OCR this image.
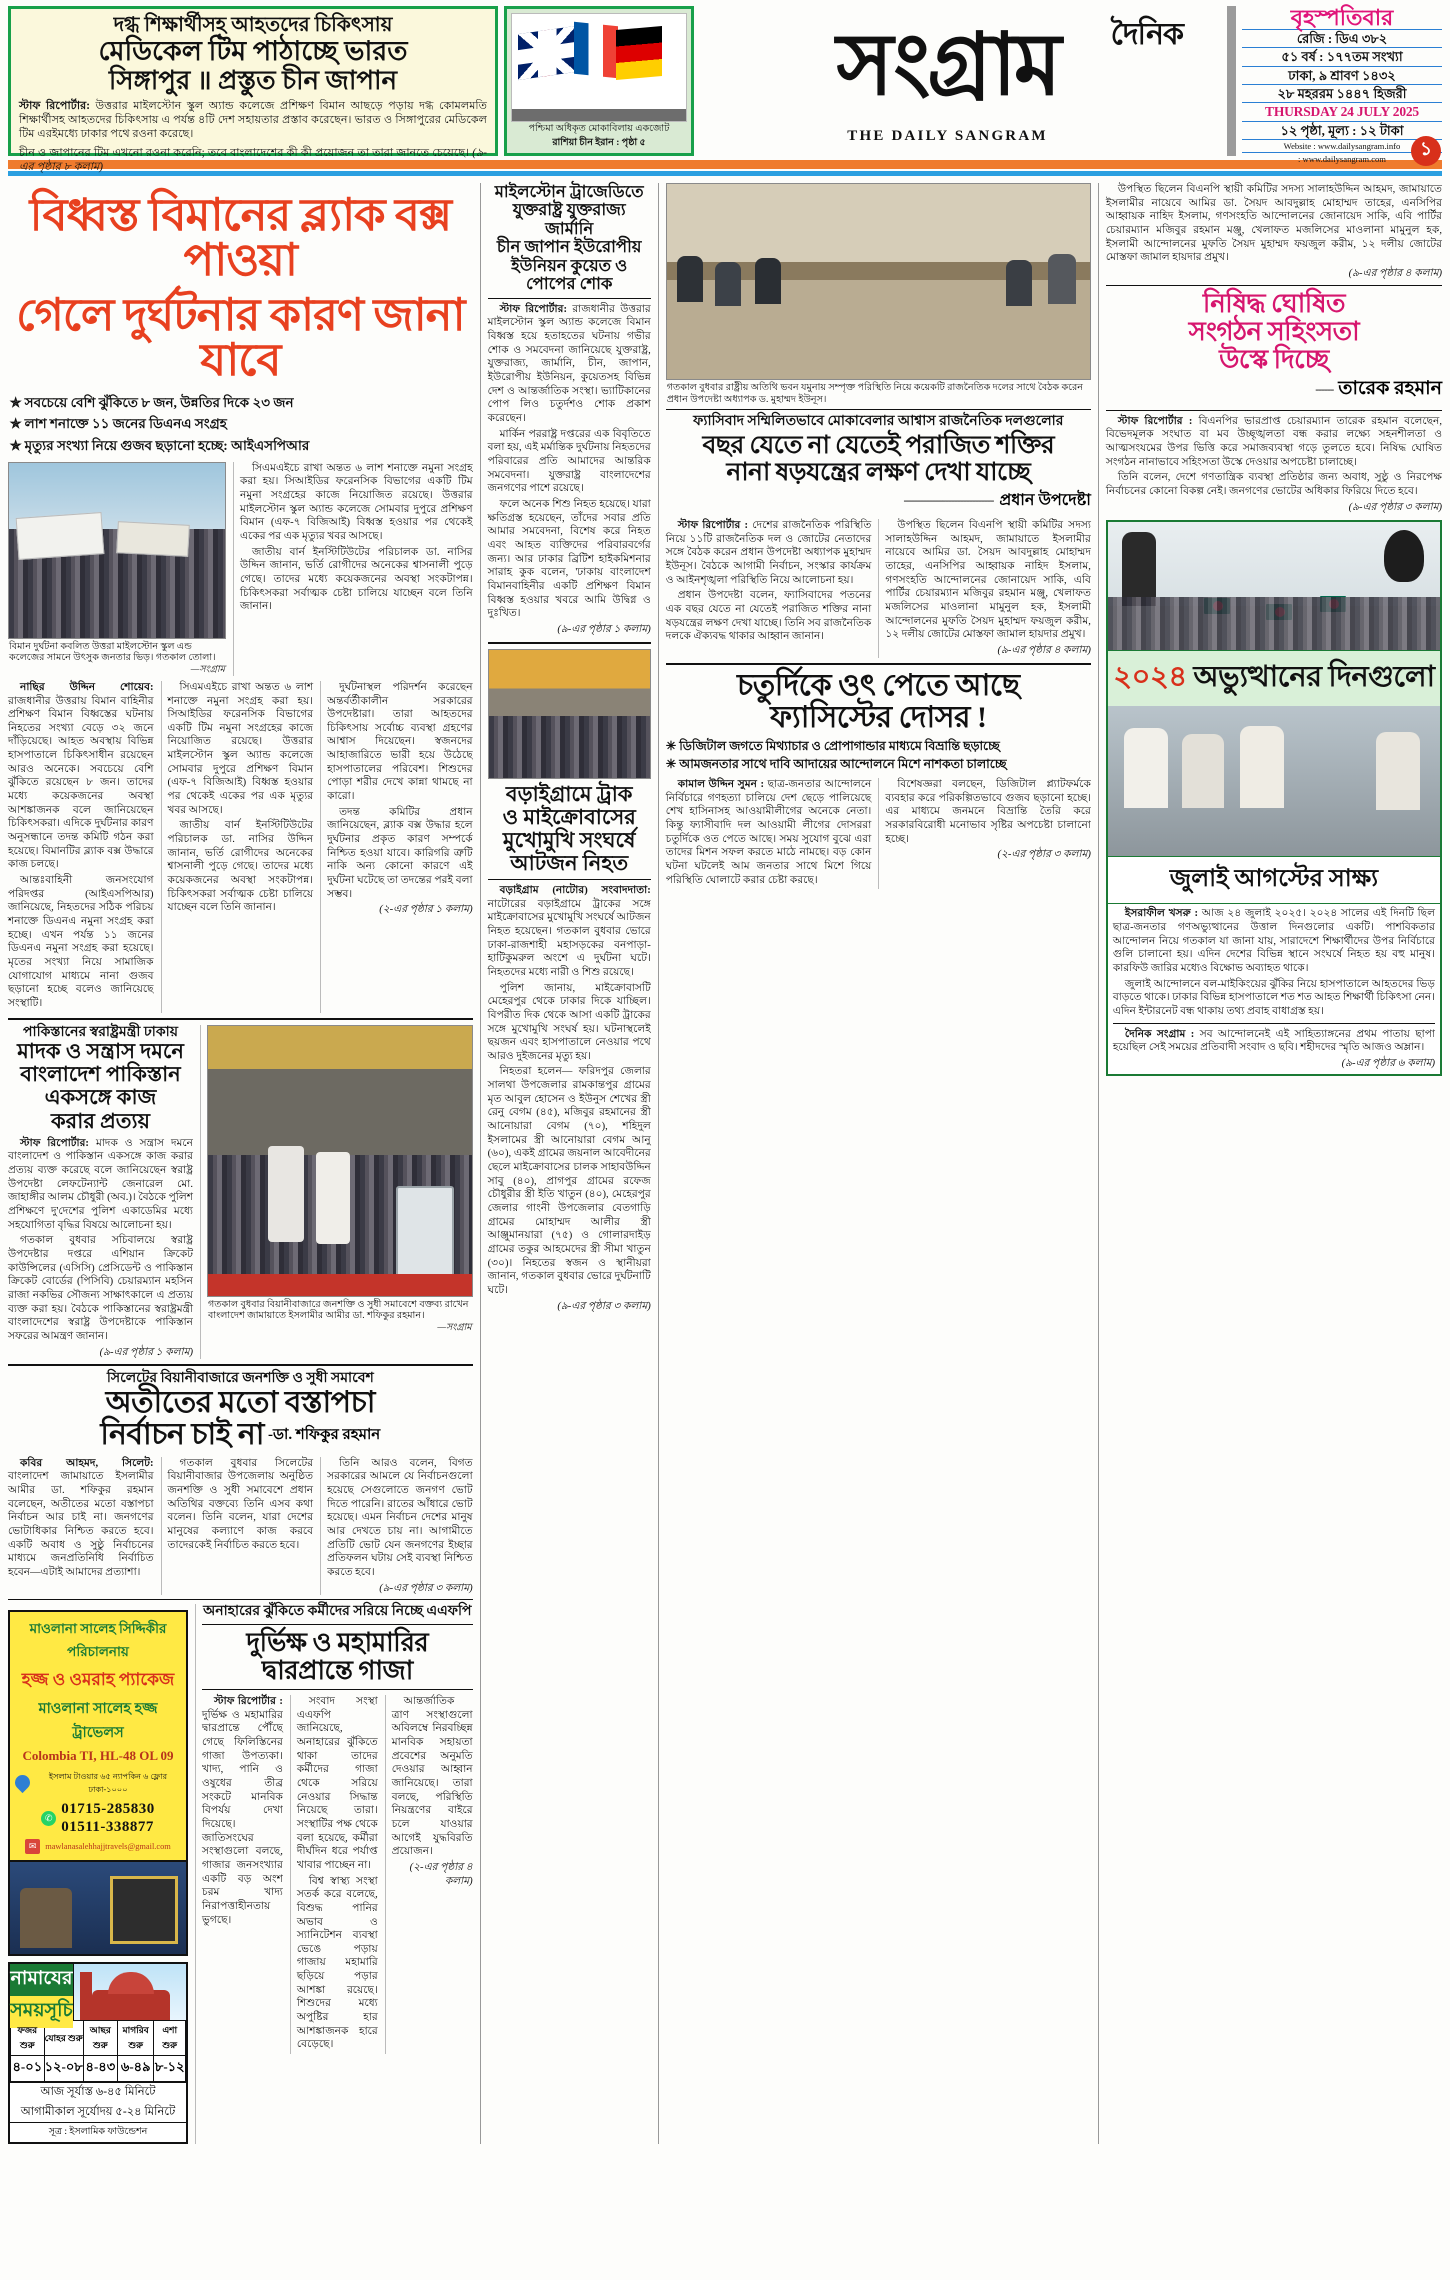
দগ্ধ শিক্ষার্থীসহ আহতদের চিকিৎসায়
মেডিকেল টিম পাঠাচ্ছে ভারত
সিঙ্গাপুর ॥ প্রস্তুত চীন জাপান
স্টাফ রিপোর্টার: উত্তরার মাইলস্টোন স্কুল অ্যান্ড কলেজে প্রশিক্ষণ বিমান আছড়ে পড়ায় দগ্ধ কোমলমতি শিক্ষার্থীসহ আহতদের চিকিৎসায় এ পর্যন্ত ৪টি দেশ সহায়তার প্রস্তাব করেছেন। ভারত ও সিঙ্গাপুরের মেডিকেল টিম এরইমধ্যে ঢাকার পথে রওনা করেছে।
চীন ও জাপানের টিম এখনো রওনা করেনি; তবে বাংলাদেশের কী কী প্রয়োজন তা তারা জানতে চেয়েছে। (৯-এর পৃষ্ঠার ৮ কলাম)
পশ্চিমা অধিকৃত মোকাবিলায় একজোট
রাশিয়া চীন ইরান : পৃষ্ঠা ৫
দৈনিক
সংগ্রাম
THE DAILY SANGRAM
বৃহস্পতিবার
রেজি : ডিএ ৩৮২
৫১ বর্ষ : ১৭৭তম সংখ্যা
ঢাকা, ৯ শ্রাবণ ১৪৩২
২৮ মহররম ১৪৪৭ হিজরী
THURSDAY 24 JULY 2025
১২ পৃষ্ঠা, মূল্য : ১২ টাকা
Website : www.dailysangram.info
: www.dailysangram.com	১
বিধ্বস্ত বিমানের ব্ল্যাক বক্স পাওয়া
গেলে দুর্ঘটনার কারণ জানা যাবে
✯ সবচেয়ে বেশি ঝুঁকিতে ৮ জন, উন্নতির দিকে ২৩ জন
✯ লাশ শনাক্তে ১১ জনের ডিএনএ সংগ্রহ
✯ মৃত্যুর সংখ্যা নিয়ে গুজব ছড়ানো হচ্ছে: আইএসপিআর
বিমান দুর্ঘটনা কবলিত উত্তরা মাইলস্টোন স্কুল এন্ড কলেজের সামনে উৎসুক জনতার ভিড়। গতকাল তোলা।
—সংগ্রাম

সিএমএইচে রাখা অন্তত ৬ লাশ শনাক্তে নমুনা সংগ্রহ করা হয়। সিআইডির ফরেনসিক বিভাগের একটি টিম নমুনা সংগ্রহের কাজে নিয়োজিত রয়েছে। উত্তরার মাইলস্টোন স্কুল অ্যান্ড কলেজে সোমবার দুপুরে প্রশিক্ষণ বিমান (এফ-৭ বিজিআই) বিধ্বস্ত হওয়ার পর থেকেই একের পর এক মৃত্যুর খবর আসছে।

জাতীয় বার্ন ইনস্টিটিউটের পরিচালক ডা. নাসির উদ্দিন জানান, ভর্তি রোগীদের অনেকের শ্বাসনালী পুড়ে গেছে। তাদের মধ্যে কয়েকজনের অবস্থা সংকটাপন্ন। চিকিৎসকরা সর্বাত্মক চেষ্টা চালিয়ে যাচ্ছেন বলে তিনি জানান।

নাছির উদ্দিন শোয়েব: রাজধানীর উত্তরায় বিমান বাহিনীর প্রশিক্ষণ বিমান বিধ্বস্তের ঘটনায় নিহতের সংখ্যা বেড়ে ৩২ জনে দাঁড়িয়েছে। আহত অবস্থায় বিভিন্ন হাসপাতালে চিকিৎসাধীন রয়েছেন আরও অনেকে। সবচেয়ে বেশি ঝুঁকিতে রয়েছেন ৮ জন। তাদের মধ্যে কয়েকজনের অবস্থা আশঙ্কাজনক বলে জানিয়েছেন চিকিৎসকরা। এদিকে দুর্ঘটনার কারণ অনুসন্ধানে তদন্ত কমিটি গঠন করা হয়েছে। বিমানটির ব্ল্যাক বক্স উদ্ধারে কাজ চলছে।

আন্তঃবাহিনী জনসংযোগ পরিদপ্তর (আইএসপিআর) জানিয়েছে, নিহতদের সঠিক পরিচয় শনাক্তে ডিএনএ নমুনা সংগ্রহ করা হচ্ছে। এখন পর্যন্ত ১১ জনের ডিএনএ নমুনা সংগ্রহ করা হয়েছে। মৃতের সংখ্যা নিয়ে সামাজিক যোগাযোগ মাধ্যমে নানা গুজব ছড়ানো হচ্ছে বলেও জানিয়েছে সংস্থাটি।

সিএমএইচে রাখা অন্তত ৬ লাশ শনাক্তে নমুনা সংগ্রহ করা হয়। সিআইডির ফরেনসিক বিভাগের একটি টিম নমুনা সংগ্রহের কাজে নিয়োজিত রয়েছে। উত্তরার মাইলস্টোন স্কুল অ্যান্ড কলেজে সোমবার দুপুরে প্রশিক্ষণ বিমান (এফ-৭ বিজিআই) বিধ্বস্ত হওয়ার পর থেকেই একের পর এক মৃত্যুর খবর আসছে।

জাতীয় বার্ন ইনস্টিটিউটের পরিচালক ডা. নাসির উদ্দিন জানান, ভর্তি রোগীদের অনেকের শ্বাসনালী পুড়ে গেছে। তাদের মধ্যে কয়েকজনের অবস্থা সংকটাপন্ন। চিকিৎসকরা সর্বাত্মক চেষ্টা চালিয়ে যাচ্ছেন বলে তিনি জানান।

দুর্ঘটনাস্থল পরিদর্শন করেছেন অন্তর্বর্তীকালীন সরকারের উপদেষ্টারা। তারা আহতদের চিকিৎসায় সর্বোচ্চ ব্যবস্থা গ্রহণের আশ্বাস দিয়েছেন। স্বজনদের আহাজারিতে ভারী হয়ে উঠেছে হাসপাতালের পরিবেশ। শিশুদের পোড়া শরীর দেখে কান্না থামছে না কারো।

তদন্ত কমিটির প্রধান জানিয়েছেন, ব্ল্যাক বক্স উদ্ধার হলে দুর্ঘটনার প্রকৃত কারণ সম্পর্কে নিশ্চিত হওয়া যাবে। কারিগরি ত্রুটি নাকি অন্য কোনো কারণে এই দুর্ঘটনা ঘটেছে তা তদন্তের পরই বলা সম্ভব।

(২-এর পৃষ্ঠার ১ কলাম)
পাকিস্তানের স্বরাষ্ট্রমন্ত্রী ঢাকায়
মাদক ও সন্ত্রাস দমনে
বাংলাদেশ পাকিস্তান
একসঙ্গে কাজ
করার প্রত্যয়

স্টাফ রিপোর্টার: মাদক ও সন্ত্রাস দমনে বাংলাদেশ ও পাকিস্তান একসঙ্গে কাজ করার প্রত্যয় ব্যক্ত করেছে বলে জানিয়েছেন স্বরাষ্ট্র উপদেষ্টা লেফটেন্যান্ট জেনারেল মো. জাহাঙ্গীর আলম চৌধুরী (অব.)। বৈঠকে পুলিশ প্রশিক্ষণে দু'দেশের পুলিশ একাডেমির মধ্যে সহযোগিতা বৃদ্ধির বিষয়ে আলোচনা হয়।

গতকাল বুধবার সচিবালয়ে স্বরাষ্ট্র উপদেষ্টার দপ্তরে এশিয়ান ক্রিকেট কাউন্সিলের (এসিসি) প্রেসিডেন্ট ও পাকিস্তান ক্রিকেট বোর্ডের (পিসিবি) চেয়ারম্যান মহসিন রাজা নকভির সৌজন্য সাক্ষাৎকালে এ প্রত্যয় ব্যক্ত করা হয়। বৈঠকে পাকিস্তানের স্বরাষ্ট্রমন্ত্রী বাংলাদেশের স্বরাষ্ট্র উপদেষ্টাকে পাকিস্তান সফরের আমন্ত্রণ জানান।

(৯-এর পৃষ্ঠার ১ কলাম)
গতকাল বুধবার বিয়ানীবাজারে জনশক্তি ও সুধী সমাবেশে বক্তব্য রাখেন বাংলাদেশ জামায়াতে ইসলামীর আমীর ডা. শফিকুর রহমান।
—সংগ্রাম
সিলেটের বিয়ানীবাজারে জনশক্তি ও সুধী সমাবেশ
অতীতের মতো বস্তাপচা
নির্বাচন চাই না -ডা. শফিকুর রহমান

কবির আহমদ, সিলেট: বাংলাদেশ জামায়াতে ইসলামীর আমীর ডা. শফিকুর রহমান বলেছেন, অতীতের মতো বস্তাপচা নির্বাচন আর চাই না। জনগণের ভোটাধিকার নিশ্চিত করতে হবে। একটি অবাধ ও সুষ্ঠু নির্বাচনের মাধ্যমে জনপ্রতিনিধি নির্বাচিত হবেন—এটাই আমাদের প্রত্যাশা।

গতকাল বুধবার সিলেটের বিয়ানীবাজার উপজেলায় অনুষ্ঠিত জনশক্তি ও সুধী সমাবেশে প্রধান অতিথির বক্তব্যে তিনি এসব কথা বলেন। তিনি বলেন, যারা দেশের মানুষের কল্যাণে কাজ করবে তাদেরকেই নির্বাচিত করতে হবে।

তিনি আরও বলেন, বিগত সরকারের আমলে যে নির্বাচনগুলো হয়েছে সেগুলোতে জনগণ ভোট দিতে পারেনি। রাতের আঁধারে ভোট হয়েছে। এমন নির্বাচন দেশের মানুষ আর দেখতে চায় না। আগামীতে প্রতিটি ভোট যেন জনগণের ইচ্ছার প্রতিফলন ঘটায় সেই ব্যবস্থা নিশ্চিত করতে হবে।

(৯-এর পৃষ্ঠার ৩ কলাম)
মাওলানা সালেহ সিদ্দিকীর পরিচালনায়
হজ্জ ও ওমরাহ প্যাকেজ
মাওলানা সালেহ হজ্জ ট্রাভেলস
Colombia TI, HL-48 OL 09
ইসলাম টাওয়ার ৬৫ ন্যাপকিন ৬ ফ্লোর ঢাকা-১০০০
✆
01715-285830
01511-338877
✉	mawlanasalehhajjtravels@gmail.com
নামাযের
সময়সূচি
ফজর শুরু	যোহর শুরু	আছর শুরু	মাগরিব শুরু	এশা শুরু
৪-০১	১২-০৮	৪-৪৩	৬-৪৯	৮-১২
আজ সূর্যাস্ত ৬-৪৫ মিনিটে
আগামীকাল সূর্যোদয় ৫-২৪ মিনিটে
সূত্র : ইসলামিক ফাউন্ডেশন
অনাহারের ঝুঁকিতে কর্মীদের সরিয়ে নিচ্ছে এএফপি
দুর্ভিক্ষ ও মহামারির দ্বারপ্রান্তে গাজা

স্টাফ রিপোর্টার : দুর্ভিক্ষ ও মহামারির দ্বারপ্রান্তে পৌঁছে গেছে ফিলিস্তিনের গাজা উপত্যকা। খাদ্য, পানি ও ওষুধের তীব্র সংকটে মানবিক বিপর্যয় দেখা দিয়েছে। জাতিসংঘের সংস্থাগুলো বলছে, গাজার জনসংখ্যার একটি বড় অংশ চরম খাদ্য নিরাপত্তাহীনতায় ভুগছে।

সংবাদ সংস্থা এএফপি জানিয়েছে, অনাহারের ঝুঁকিতে থাকা তাদের কর্মীদের গাজা থেকে সরিয়ে নেওয়ার সিদ্ধান্ত নিয়েছে তারা। সংস্থাটির পক্ষ থেকে বলা হয়েছে, কর্মীরা দীর্ঘদিন ধরে পর্যাপ্ত খাবার পাচ্ছেন না।

বিশ্ব স্বাস্থ্য সংস্থা সতর্ক করে বলেছে, বিশুদ্ধ পানির অভাব ও স্যানিটেশন ব্যবস্থা ভেঙে পড়ায় গাজায় মহামারি ছড়িয়ে পড়ার আশঙ্কা রয়েছে। শিশুদের মধ্যে অপুষ্টির হার আশঙ্কাজনক হারে বেড়েছে।

আন্তর্জাতিক ত্রাণ সংস্থাগুলো অবিলম্বে নিরবচ্ছিন্ন মানবিক সহায়তা প্রবেশের অনুমতি দেওয়ার আহ্বান জানিয়েছে। তারা বলছে, পরিস্থিতি নিয়ন্ত্রণের বাইরে চলে যাওয়ার আগেই যুদ্ধবিরতি প্রয়োজন।

(২-এর পৃষ্ঠার ৪ কলাম)
মাইলস্টোন ট্রাজেডিতে
যুক্তরাষ্ট্র যুক্তরাজ্য জার্মানি
চীন জাপান ইউরোপীয়
ইউনিয়ন কুয়েত ও
পোপের শোক

স্টাফ রিপোর্টার: রাজধানীর উত্তরার মাইলস্টোন স্কুল অ্যান্ড কলেজে বিমান বিধ্বস্ত হয়ে হতাহতের ঘটনায় গভীর শোক ও সমবেদনা জানিয়েছে যুক্তরাষ্ট্র, যুক্তরাজ্য, জার্মানি, চীন, জাপান, ইউরোপীয় ইউনিয়ন, কুয়েতসহ বিভিন্ন দেশ ও আন্তর্জাতিক সংস্থা। ভ্যাটিকানের পোপ লিও চতুর্দশও শোক প্রকাশ করেছেন।

মার্কিন পররাষ্ট্র দপ্তরের এক বিবৃতিতে বলা হয়, এই মর্মান্তিক দুর্ঘটনায় নিহতদের পরিবারের প্রতি আমাদের আন্তরিক সমবেদনা। যুক্তরাষ্ট্র বাংলাদেশের জনগণের পাশে রয়েছে।

ফলে অনেক শিশু নিহত হয়েছে। যারা ক্ষতিগ্রস্ত হয়েছেন, তাঁদের সবার প্রতি আমার সমবেদনা, বিশেষ করে নিহত এবং আহত ব্যক্তিদের পরিবারবর্গের জন্য। আর ঢাকার ব্রিটিশ হাইকমিশনার সারাহ কুক বলেন, 'ঢাকায় বাংলাদেশ বিমানবাহিনীর একটি প্রশিক্ষণ বিমান বিধ্বস্ত হওয়ার খবরে আমি উদ্বিগ্ন ও দুঃখিত।

(৯-এর পৃষ্ঠার ১ কলাম)
বড়াইগ্রামে ট্রাক
ও মাইক্রোবাসের
মুখোমুখি সংঘর্ষে
আটজন নিহত

বড়াইগ্রাম (নাটোর) সংবাদদাতা: নাটোরের বড়াইগ্রামে ট্রাকের সঙ্গে মাইক্রোবাসের মুখোমুখি সংঘর্ষে আটজন নিহত হয়েছেন। গতকাল বুধবার ভোরে ঢাকা-রাজশাহী মহাসড়কের বনপাড়া-হাটিকুমরুল অংশে এ দুর্ঘটনা ঘটে। নিহতদের মধ্যে নারী ও শিশু রয়েছে।

পুলিশ জানায়, মাইক্রোবাসটি মেহেরপুর থেকে ঢাকার দিকে যাচ্ছিল। বিপরীত দিক থেকে আসা একটি ট্রাকের সঙ্গে মুখোমুখি সংঘর্ষ হয়। ঘটনাস্থলেই ছয়জন এবং হাসপাতালে নেওয়ার পথে আরও দুইজনের মৃত্যু হয়।

নিহতরা হলেন— ফরিদপুর জেলার সালথা উপজেলার রামকান্তপুর গ্রামের মৃত আবুল হোসেন ও ইউনুস শেখের স্ত্রী রেনু বেগম (৪৫), মজিবুর রহমানের স্ত্রী আনোয়ারা বেগম (৭০), শহিদুল ইসলামের স্ত্রী আনোয়ারা বেগম আনু (৬০), একই গ্রামের জয়নাল আবেদীনের ছেলে মাইক্রোবাসের চালক সাহাবউদ্দিন সাবু (৪০), প্রাগপুর গ্রামের রফেজ চৌধুরীর স্ত্রী ইতি খাতুন (৪০), মেহেরপুর জেলার গাংনী উপজেলার বেতগাড়ি গ্রামের মোহাম্মদ আলীর স্ত্রী আঞ্জুমানয়ারা (৭৫) ও গোলারদাইড় গ্রামের তকুর আহমেদের স্ত্রী সীমা খাতুন (৩০)। নিহতের স্বজন ও স্থানীয়রা জানান, গতকাল বুধবার ভোরে দুর্ঘটনাটি ঘটে।

(৯-এর পৃষ্ঠার ৩ কলাম)
গতকাল বুধবার রাষ্ট্রীয় অতিথি ভবন যমুনায় সম্পৃক্ত পরিস্থিতি নিয়ে কয়েকটি রাজনৈতিক দলের সাথে বৈঠক করেন প্রধান উপদেষ্টা অধ্যাপক ড. মুহাম্মদ ইউনূস।
ফ্যাসিবাদ সম্মিলিতভাবে মোকাবেলার আশ্বাস রাজনৈতিক দলগুলোর
বছর যেতে না যেতেই পরাজিত শক্তির
নানা ষড়যন্ত্রের লক্ষণ দেখা যাচ্ছে
------------------------------ প্রধান উপদেষ্টা

স্টাফ রিপোর্টার : দেশের রাজনৈতিক পরিস্থিতি নিয়ে ১১টি রাজনৈতিক দল ও জোটের নেতাদের সঙ্গে বৈঠক করেন প্রধান উপদেষ্টা অধ্যাপক মুহাম্মদ ইউনূস। বৈঠকে আগামী নির্বাচন, সংস্কার কার্যক্রম ও আইনশৃঙ্খলা পরিস্থিতি নিয়ে আলোচনা হয়।

প্রধান উপদেষ্টা বলেন, ফ্যাসিবাদের পতনের এক বছর যেতে না যেতেই পরাজিত শক্তির নানা ষড়যন্ত্রের লক্ষণ দেখা যাচ্ছে। তিনি সব রাজনৈতিক দলকে ঐক্যবদ্ধ থাকার আহ্বান জানান।

উপস্থিত ছিলেন বিএনপি স্থায়ী কমিটির সদস্য সালাহউদ্দিন আহমদ, জামায়াতে ইসলামীর নায়েবে আমির ডা. সৈয়দ আবদুল্লাহ মোহাম্মদ তাহের, এনসিপির আহ্বায়ক নাহিদ ইসলাম, গণসংহতি আন্দোলনের জোনায়েদ সাকি, এবি পার্টির চেয়ারম্যান মজিবুর রহমান মঞ্জু, খেলাফত মজলিসের মাওলানা মামুনুল হক, ইসলামী আন্দোলনের মুফতি সৈয়দ মুহাম্মদ ফয়জুল করীম, ১২ দলীয় জোটের মোস্তফা জামাল হায়দার প্রমুখ।

(৯-এর পৃষ্ঠার ৪ কলাম)
চতুর্দিকে ওৎ পেতে আছে
ফ্যাসিস্টের দোসর !
✳ ডিজিটাল জগতে মিথ্যাচার ও প্রোপাগান্ডার মাধ্যমে বিভ্রান্তি ছড়াচ্ছে
✳ আমজনতার সাথে দাবি আদায়ের আন্দোলনে মিশে নাশকতা চালাচ্ছে

কামাল উদ্দিন সুমন : ছাত্র-জনতার আন্দোলনে নির্বিচারে গণহত্যা চালিয়ে দেশ ছেড়ে পালিয়েছে শেখ হাসিনাসহ আওয়ামীলীগের অনেকে নেতা। কিন্তু ফ্যাসীবাদি দল আওয়ামী লীগের দোসররা চতুর্দিকে ওত পেতে আছে। সময় সুযোগ বুঝে এরা তাদের মিশন সফল করতে মাঠে নামছে। বড় কোন ঘটনা ঘটলেই আম জনতার সাথে মিশে গিয়ে পরিস্থিতি ঘোলাটে করার চেষ্টা করছে।

বিশেষজ্ঞরা বলছেন, ডিজিটাল প্ল্যাটফর্মকে ব্যবহার করে পরিকল্পিতভাবে গুজব ছড়ানো হচ্ছে। এর মাধ্যমে জনমনে বিভ্রান্তি তৈরি করে সরকারবিরোধী মনোভাব সৃষ্টির অপচেষ্টা চালানো হচ্ছে।

(২-এর পৃষ্ঠার ৩ কলাম)

উপস্থিত ছিলেন বিএনপি স্থায়ী কমিটির সদস্য সালাহউদ্দিন আহমদ, জামায়াতে ইসলামীর নায়েবে আমির ডা. সৈয়দ আবদুল্লাহ মোহাম্মদ তাহের, এনসিপির আহ্বায়ক নাহিদ ইসলাম, গণসংহতি আন্দোলনের জোনায়েদ সাকি, এবি পার্টির চেয়ারম্যান মজিবুর রহমান মঞ্জু, খেলাফত মজলিসের মাওলানা মামুনুল হক, ইসলামী আন্দোলনের মুফতি সৈয়দ মুহাম্মদ ফয়জুল করীম, ১২ দলীয় জোটের মোস্তফা জামাল হায়দার প্রমুখ।

(৯-এর পৃষ্ঠার ৪ কলাম)
নিষিদ্ধ ঘোষিত
সংগঠন সহিংসতা
উস্কে দিচ্ছে
------ তারেক রহমান

স্টাফ রিপোর্টার : বিএনপির ভারপ্রাপ্ত চেয়ারম্যান তারেক রহমান বলেছেন, বিভেদমূলক সংঘাত বা মব উচ্ছৃঙ্খলতা বন্ধ করার লক্ষ্যে সহনশীলতা ও আত্মসংযমের উপর ভিত্তি করে সমাজব্যবস্থা গড়ে তুলতে হবে। নিষিদ্ধ ঘোষিত সংগঠন নানাভাবে সহিংসতা উস্কে দেওয়ার অপচেষ্টা চালাচ্ছে।

তিনি বলেন, দেশে গণতান্ত্রিক ব্যবস্থা প্রতিষ্ঠার জন্য অবাধ, সুষ্ঠু ও নিরপেক্ষ নির্বাচনের কোনো বিকল্প নেই। জনগণের ভোটের অধিকার ফিরিয়ে দিতে হবে।

(৯-এর পৃষ্ঠার ৩ কলাম)
২০২৪ অভ্যুত্থানের দিনগুলো
জুলাই আগস্টের সাক্ষ্য

ইসরাফীল খসরু : আজ ২৪ জুলাই ২০২৫। ২০২৪ সালের এই দিনটি ছিল ছাত্র-জনতার গণঅভ্যুত্থানের উত্তাল দিনগুলোর একটি। পাশবিকতার আন্দোলন নিয়ে গতকাল যা জানা যায়, সারাদেশে শিক্ষার্থীদের উপর নির্বিচারে গুলি চালানো হয়। এদিন দেশের বিভিন্ন স্থানে সংঘর্ষে নিহত হয় বহু মানুষ। কারফিউ জারির মধ্যেও বিক্ষোভ অব্যাহত থাকে।

জুলাই আন্দোলনে বল-মাইকিংয়ের ঝুঁকির নিয়ে হাসপাতালে আহতদের ভিড় বাড়তে থাকে। ঢাকার বিভিন্ন হাসপাতালে শত শত আহত শিক্ষার্থী চিকিৎসা নেন। এদিন ইন্টারনেট বন্ধ থাকায় তথ্য প্রবাহ বাধাগ্রস্ত হয়।

দৈনিক সংগ্রাম : সব আন্দোলনেই এই সাহিত্যাঙ্গনের প্রথম পাতায় ছাপা হয়েছিল সেই সময়ের প্রতিবাদী সংবাদ ও ছবি। শহীদদের স্মৃতি আজও অম্লান।

(৯-এর পৃষ্ঠার ৬ কলাম)
